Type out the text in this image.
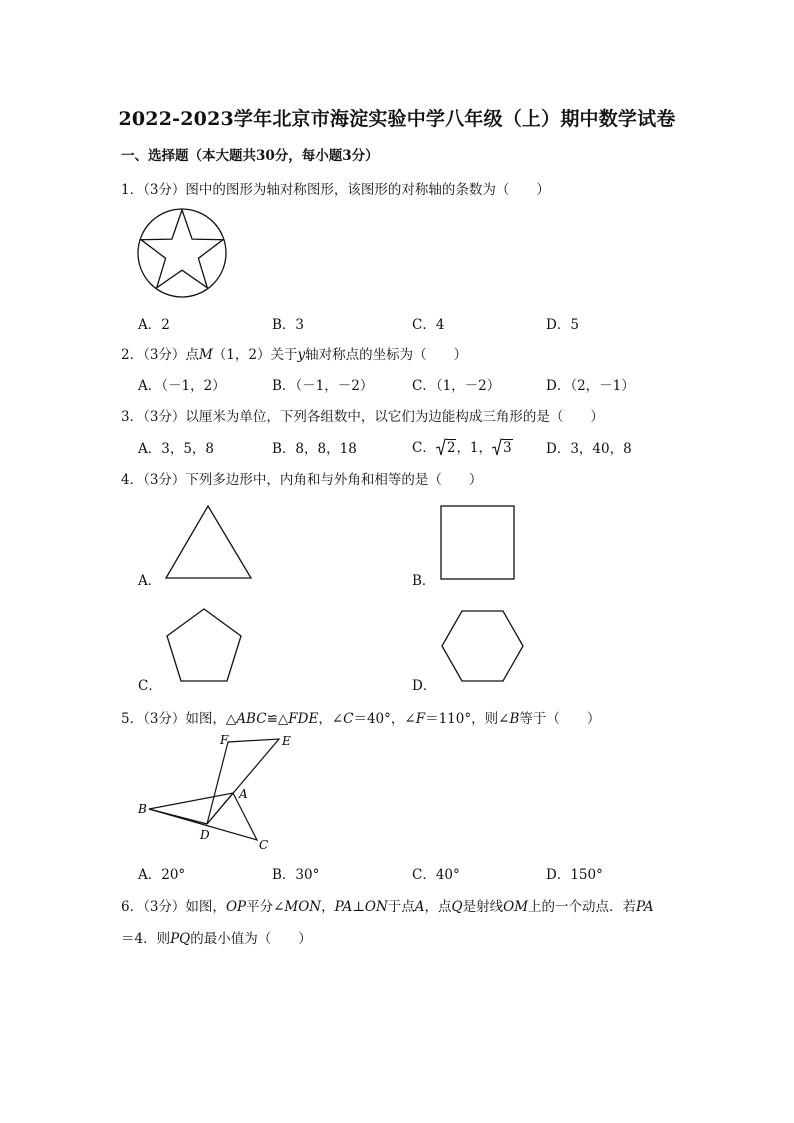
2022-2023学年北京市海淀实验中学八年级（上）期中数学试卷
一、选择题（本大题共30分，每小题3分）
1．（3分）图中的图形为轴对称图形，该图形的对称轴的条数为（　　）
A．2	B．3	C．4	D．5
2．（3分）点M（1，2）关于y轴对称点的坐标为（　　）
A．（－1，2）	B．（－1，－2）	C．（1，－2）	D．（2，－1）
3．（3分）以厘米为单位，下列各组数中，以它们为边能构成三角形的是（　　）
A．3，5，8	B．8，8，18	C． 2，1， 3	D．3，40，8
4．（3分）下列多边形中，内角和与外角和相等的是（　　）
A．	B．
C．	D．
5．（3分）如图，△ABC≌△FDE，∠C＝40°，∠F＝110°，则∠B等于（　　）
F	E
B
A
D
C
A．20°	B．30°	C．40°	D．150°
6．（3分）如图，OP平分∠MON，PA⊥ON于点A，点Q是射线OM上的一个动点．若PA
＝4．则PQ的最小值为（　　）
